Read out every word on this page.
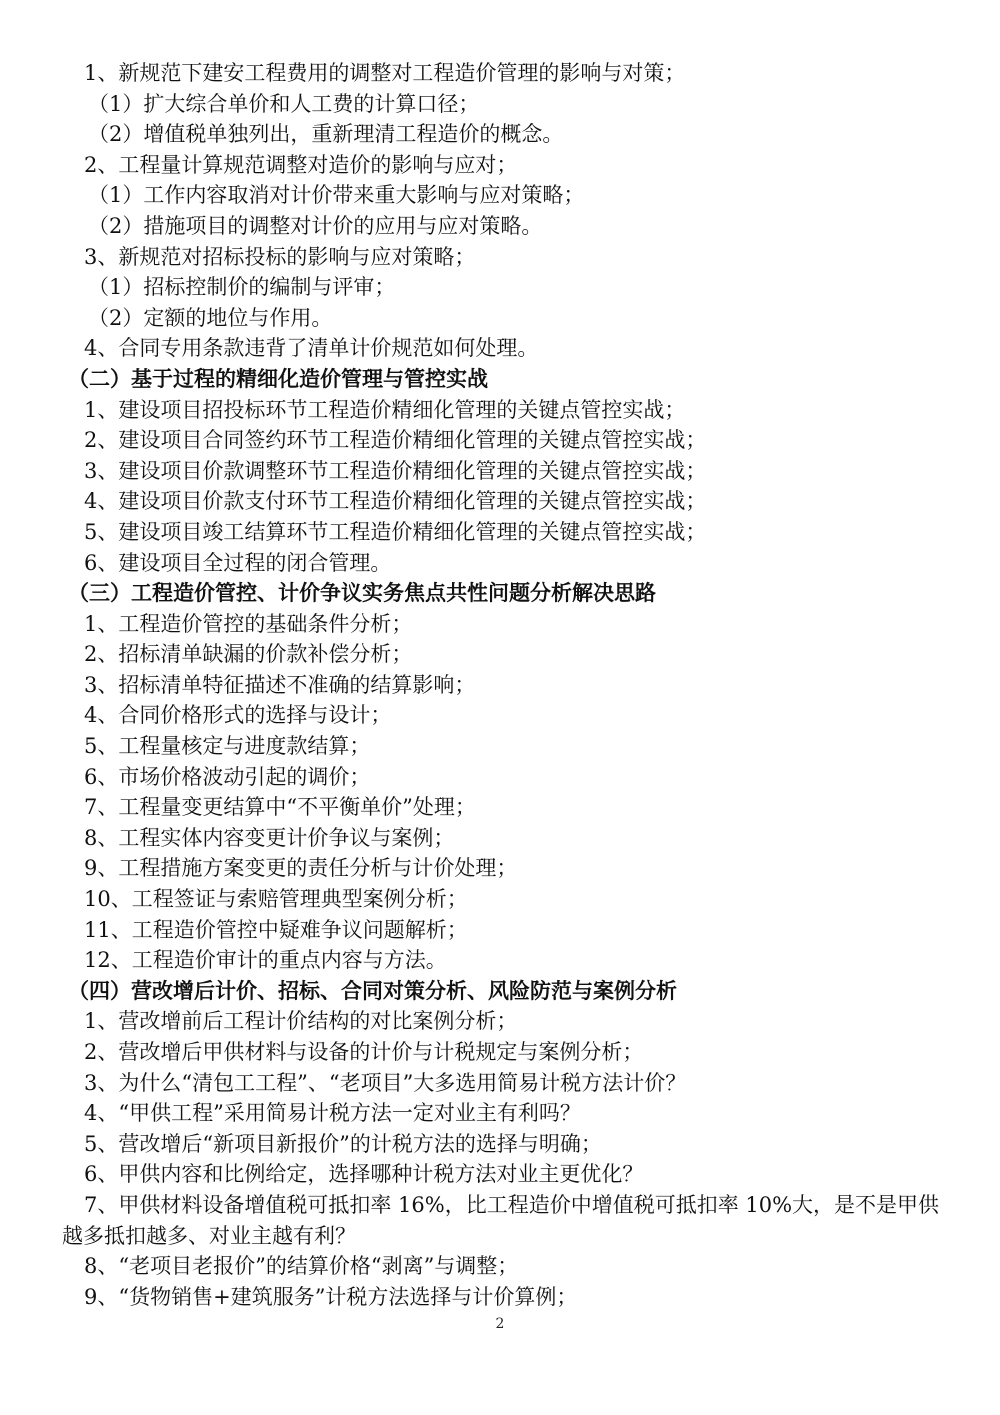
1、新规范下建安工程费用的调整对工程造价管理的影响与对策；
（1）扩大综合单价和人工费的计算口径；
（2）增值税单独列出，重新理清工程造价的概念。
2、工程量计算规范调整对造价的影响与应对；
（1）工作内容取消对计价带来重大影响与应对策略；
（2）措施项目的调整对计价的应用与应对策略。
3、新规范对招标投标的影响与应对策略；
（1）招标控制价的编制与评审；
（2）定额的地位与作用。
4、合同专用条款违背了清单计价规范如何处理。
（二）基于过程的精细化造价管理与管控实战
1、建设项目招投标环节工程造价精细化管理的关键点管控实战；
2、建设项目合同签约环节工程造价精细化管理的关键点管控实战；
3、建设项目价款调整环节工程造价精细化管理的关键点管控实战；
4、建设项目价款支付环节工程造价精细化管理的关键点管控实战；
5、建设项目竣工结算环节工程造价精细化管理的关键点管控实战；
6、建设项目全过程的闭合管理。
（三）工程造价管控、计价争议实务焦点共性问题分析解决思路
1、工程造价管控的基础条件分析；
2、招标清单缺漏的价款补偿分析；
3、招标清单特征描述不准确的结算影响；
4、合同价格形式的选择与设计；
5、工程量核定与进度款结算；
6、市场价格波动引起的调价；
7、工程量变更结算中“不平衡单价”处理；
8、工程实体内容变更计价争议与案例；
9、工程措施方案变更的责任分析与计价处理；
10、工程签证与索赔管理典型案例分析；
11、工程造价管控中疑难争议问题解析；
12、工程造价审计的重点内容与方法。
（四）营改增后计价、招标、合同对策分析、风险防范与案例分析
1、营改增前后工程计价结构的对比案例分析；
2、营改增后甲供材料与设备的计价与计税规定与案例分析；
3、为什么“清包工工程”、“老项目”大多选用简易计税方法计价？
4、“甲供工程”采用简易计税方法一定对业主有利吗？
5、营改增后“新项目新报价”的计税方法的选择与明确；
6、甲供内容和比例给定，选择哪种计税方法对业主更优化？
7、甲供材料设备增值税可抵扣率 16%，比工程造价中增值税可抵扣率 10%大，是不是甲供越多抵扣越多、对业主越有利？
8、“老项目老报价”的结算价格“剥离”与调整；
9、“货物销售+建筑服务”计税方法选择与计价算例；
2
